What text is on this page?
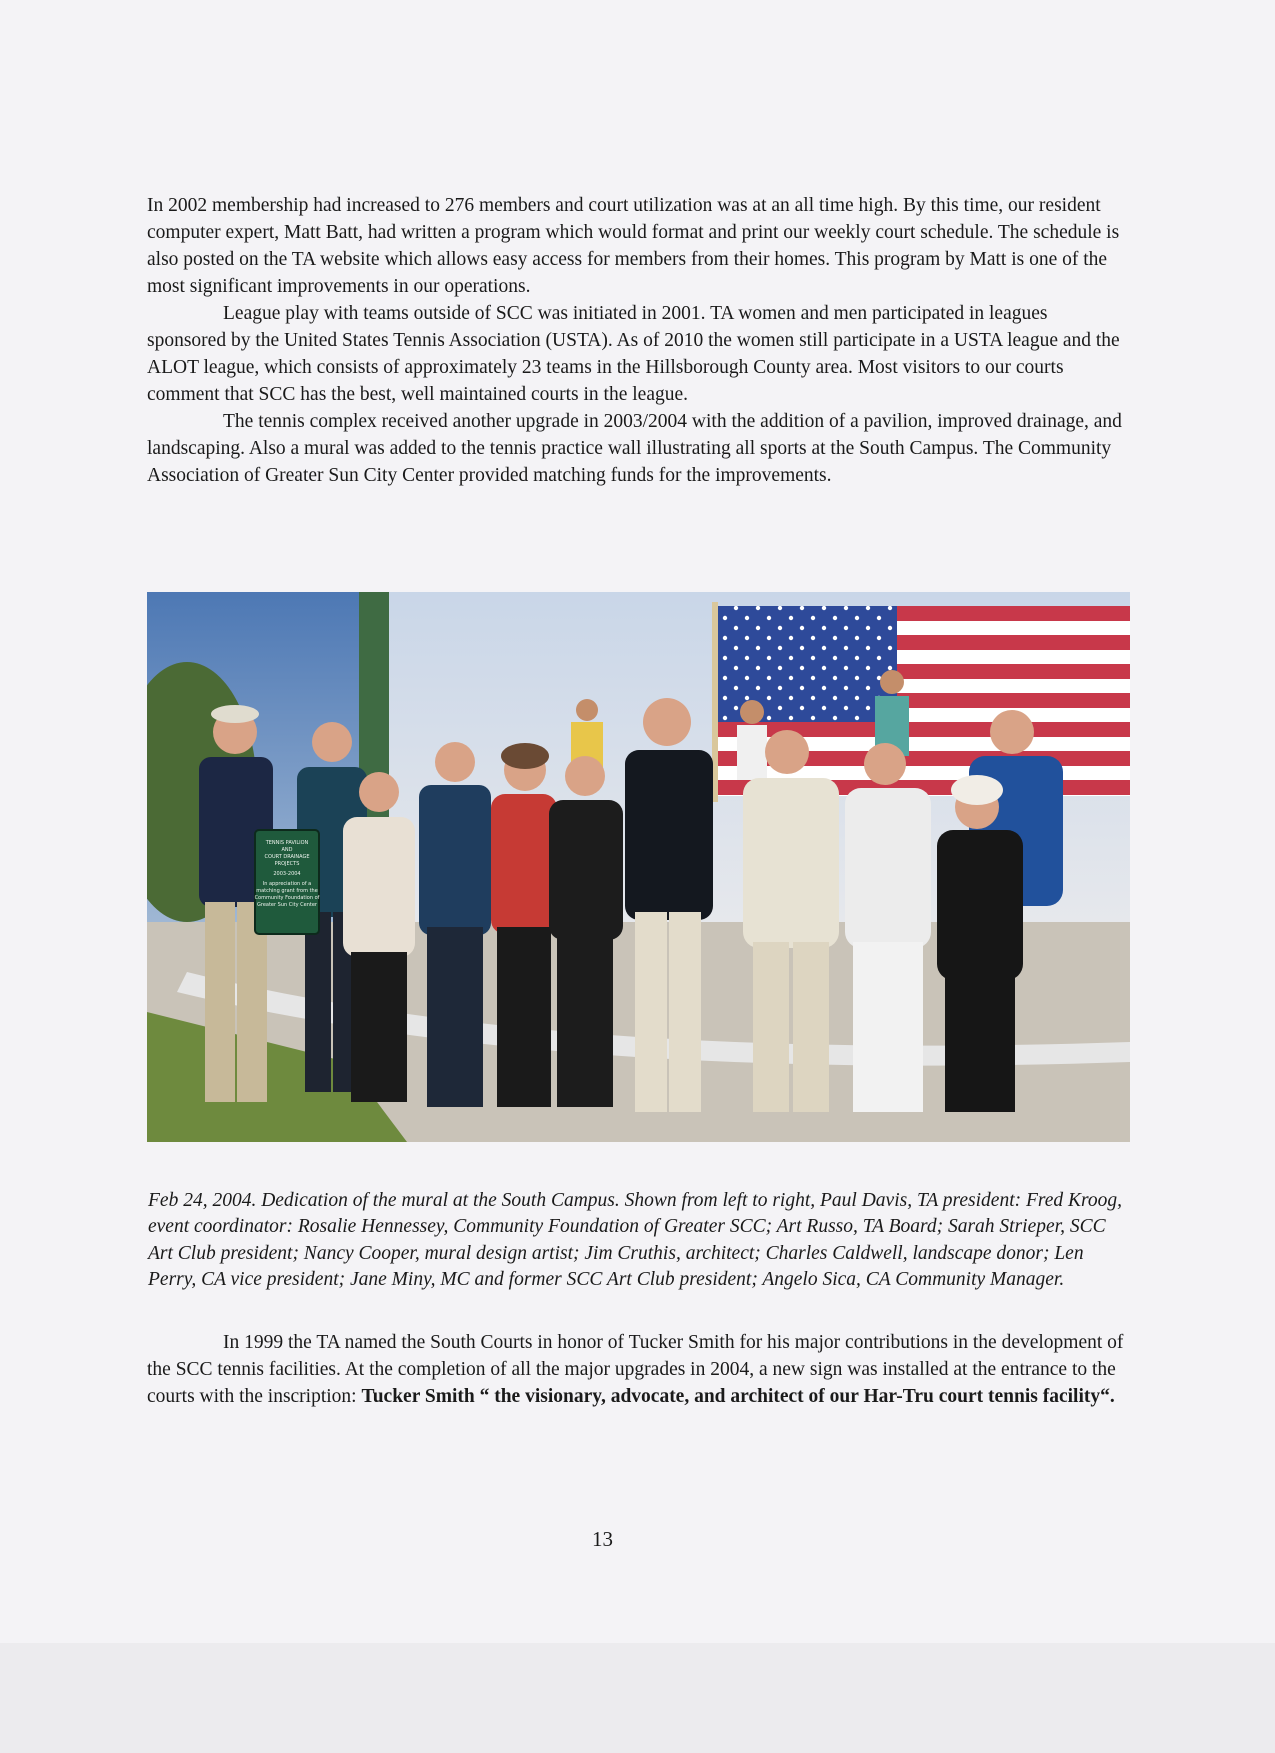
In 2002 membership had increased to 276 members and court utilization was at an all time high. By this time, our resident computer expert, Matt Batt, had written a program which would format and print our weekly court schedule. The schedule is also posted on the TA website which allows easy access for members from their homes. This program by Matt is one of the most significant improvements in our operations.

League play with teams outside of SCC was initiated in 2001. TA women and men participated in leagues sponsored by the United States Tennis Association (USTA). As of 2010 the women still participate in a USTA league and the ALOT league, which consists of approximately 23 teams in the Hillsborough County area. Most visitors to our courts comment that SCC has the best, well maintained courts in the league.

The tennis complex received another upgrade in 2003/2004 with the addition of a pavilion, improved drainage, and landscaping. Also a mural was added to the tennis practice wall illustrating all sports at the South Campus. The Community Association of Greater Sun City Center provided matching funds for the improvements.

TENNIS PAVILION
AND
COURT DRAINAGE
PROJECTS
2003-2004
In appreciation of a
matching grant from the
Community Foundation of
Greater Sun City Center

Feb 24, 2004. Dedication of the mural at the South Campus. Shown from left to right, Paul Davis, TA president: Fred Kroog, event coordinator: Rosalie Hennessey, Community Foundation of Greater SCC; Art Russo, TA Board; Sarah Strieper, SCC Art Club president; Nancy Cooper, mural design artist; Jim Cruthis, architect; Charles Caldwell, landscape donor; Len Perry, CA vice president; Jane Miny, MC and former SCC Art Club president; Angelo Sica, CA Community Manager.

In 1999 the TA named the South Courts in honor of Tucker Smith for his major contributions in the development of the SCC tennis facilities. At the completion of all the major upgrades in 2004, a new sign was installed at the entrance to the courts with the inscription: Tucker Smith “ the visionary, advocate, and architect of our Har-Tru court tennis facility“.

13
